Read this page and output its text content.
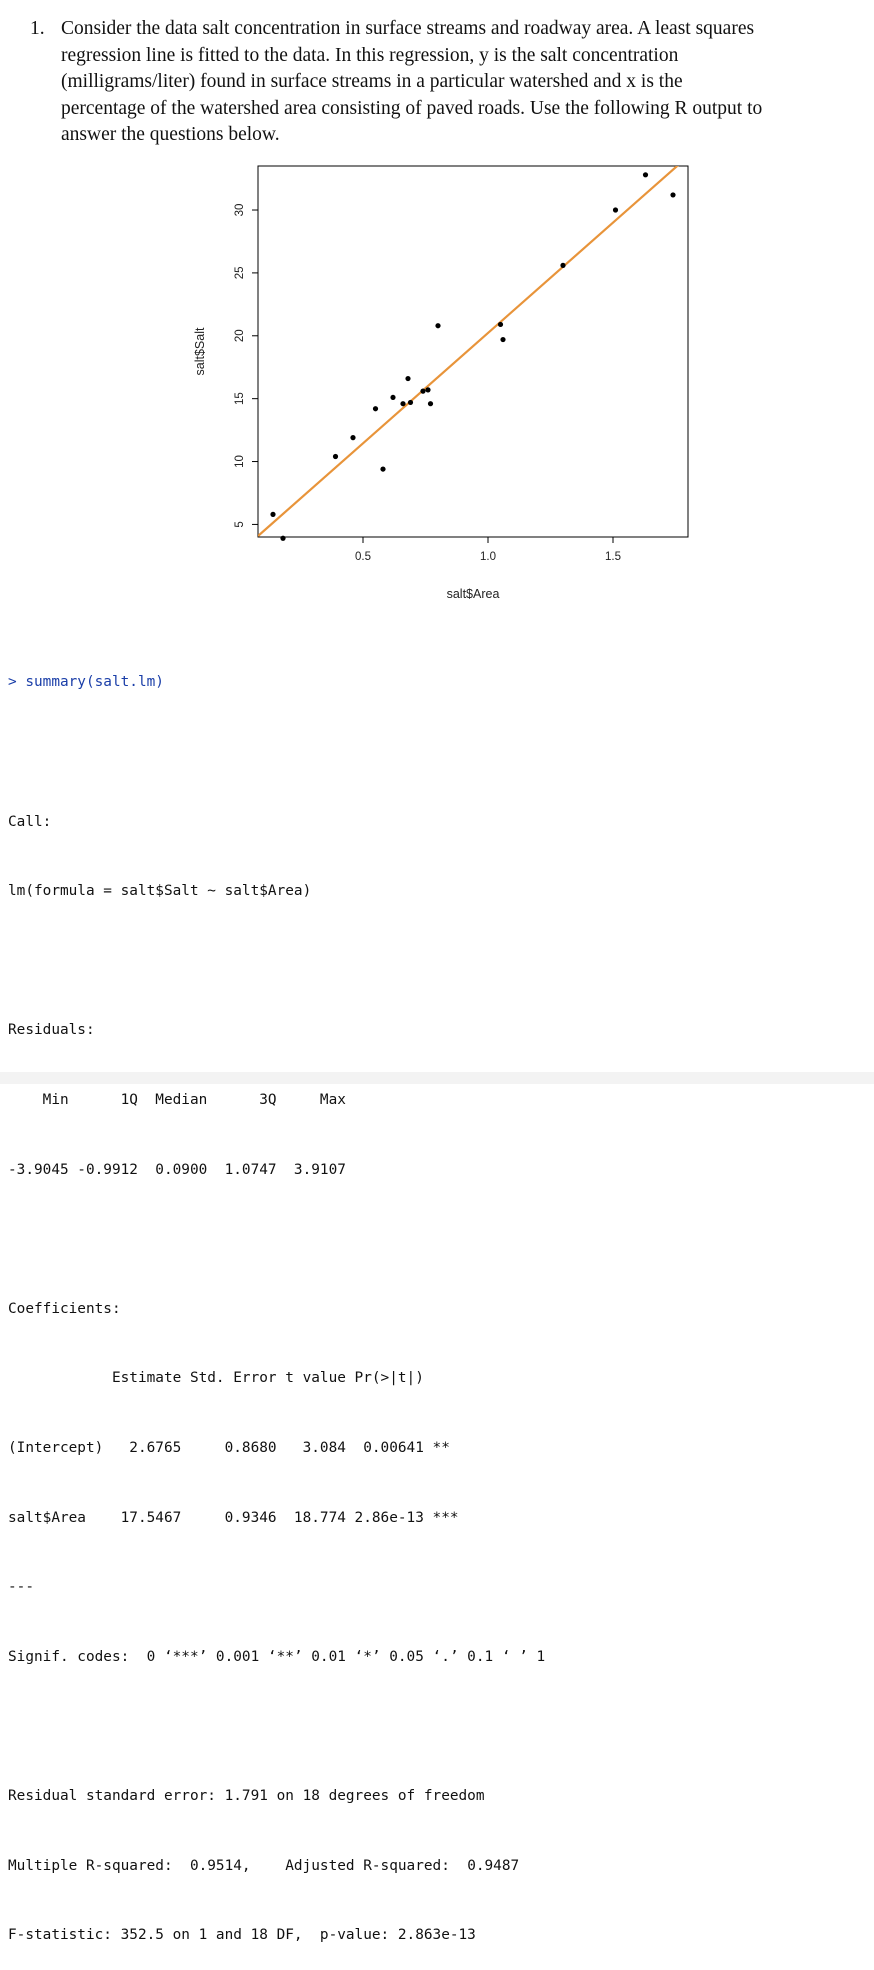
1. Consider the data salt concentration in surface streams and roadway area. A least squares
regression line is fitted to the data. In this regression, y is the salt concentration
(milligrams/liter) found in surface streams in a particular watershed and x is the
percentage of the watershed area consisting of paved roads. Use the following R output to
answer the questions below.
0.5	1.0	1.5
5
10
15
20
25
30
salt$Area
salt$Salt

> summary(salt.lm)

Call:

lm(formula = salt$Salt ~ salt$Area)

Residuals:

Min      1Q  Median      3Q     Max

-3.9045 -0.9912  0.0900  1.0747  3.9107

Coefficients:

Estimate Std. Error t value Pr(>|t|)

(Intercept)   2.6765     0.8680   3.084  0.00641 **

salt$Area    17.5467     0.9346  18.774 2.86e-13 ***

---

Signif. codes:  0 ‘***’ 0.001 ‘**’ 0.01 ‘*’ 0.05 ‘.’ 0.1 ‘ ’ 1

Residual standard error: 1.791 on 18 degrees of freedom

Multiple R-squared:  0.9514,	Adjusted R-squared:  0.9487

F-statistic: 352.5 on 1 and 18 DF,  p-value: 2.863e-13
